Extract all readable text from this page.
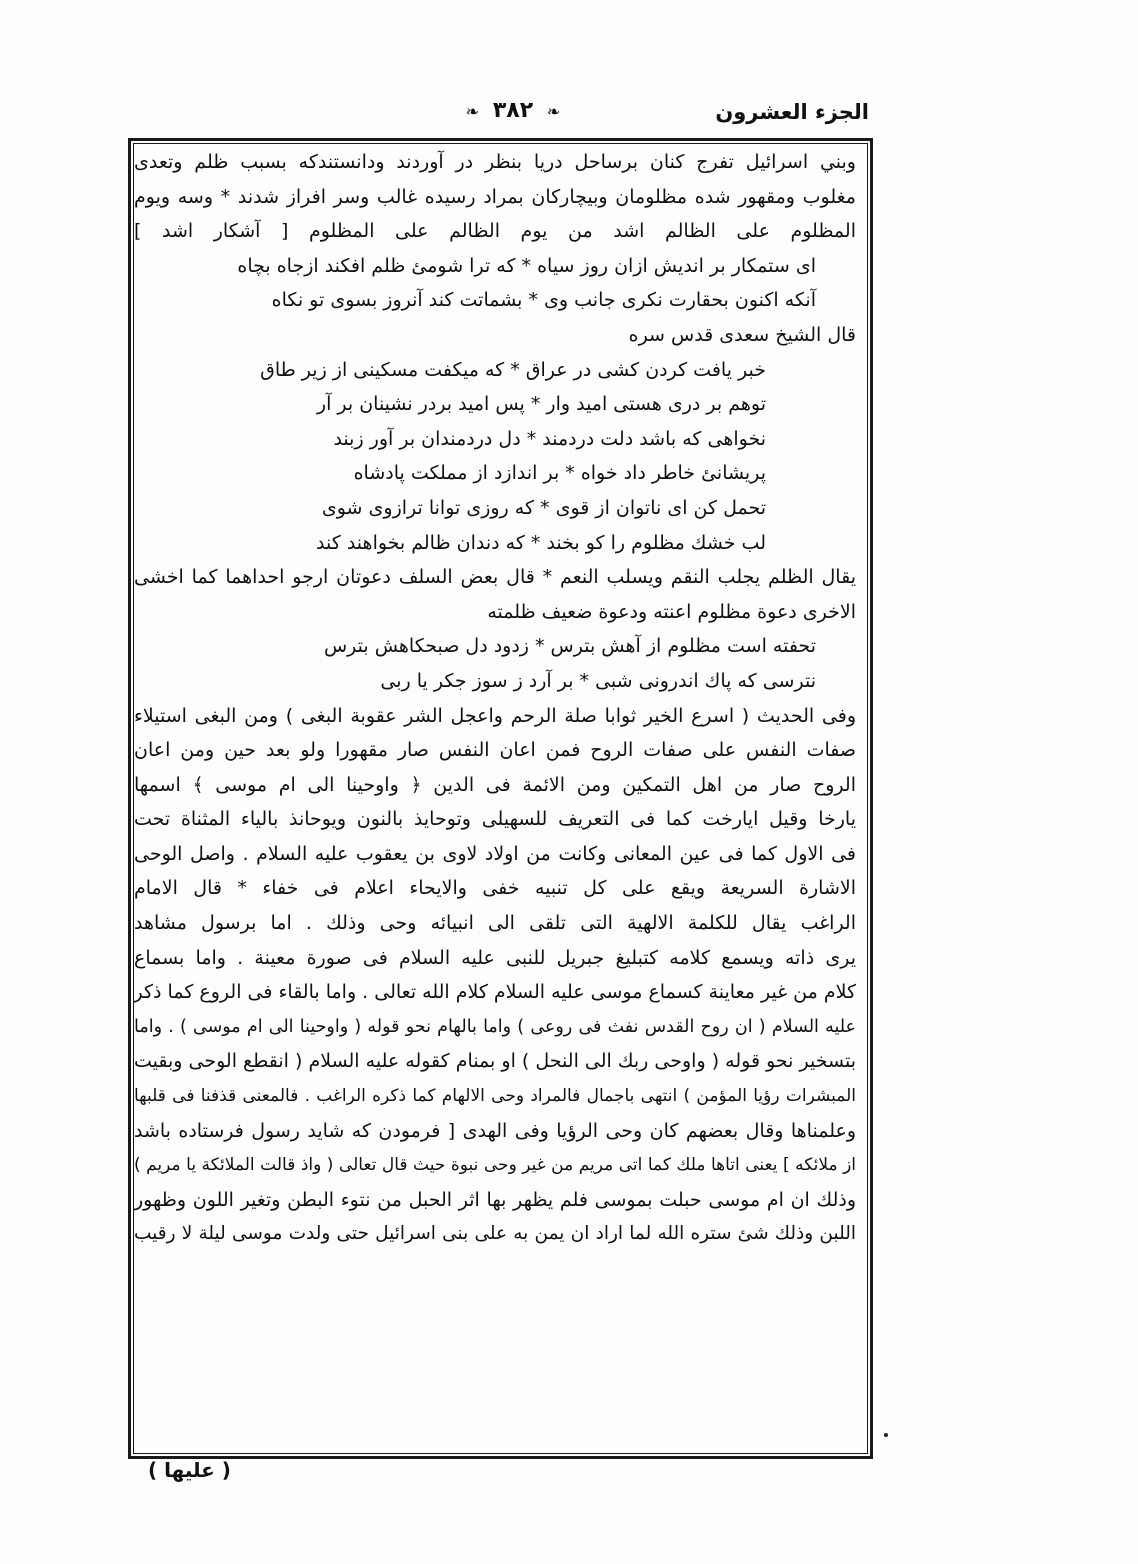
الجزء العشرون
❧ ٣٨٢ ❧
وبني اسرائيل تفرج كنان برساحل دريا بنظر در آوردند ودانستندكه بسبب ظلم وتعدى
مغلوب ومقهور شده مظلومان وبيچاركان بمراد رسيده غالب وسر افراز شدند * وسه ويوم
المظلوم على الظالم اشد من يوم الظالم على المظلوم [ آشكار اشد ]
اى ستمكار بر انديش ازان روز سياه * كه ترا شومئ ظلم افكند ازجاه بچاه
آنكه اكنون بحقارت نكرى جانب وى * بشماتت كند آنروز بسوى تو نكاه
قال الشيخ سعدى قدس سره
خبر يافت كردن كشى در عراق * كه ميكفت مسكينى از زير طاق
توهم بر درى هستى اميد وار * پس اميد بردر نشينان بر آر
نخواهى كه باشد دلت دردمند * دل دردمندان بر آور زبند
پريشانئ خاطر داد خواه * بر اندازد از مملكت پادشاه
تحمل كن اى ناتوان از قوى * كه روزى توانا ترازوى شوى
لب خشك مظلوم را كو بخند * كه دندان ظالم بخواهند كند
يقال الظلم يجلب النقم ويسلب النعم * قال بعض السلف دعوتان ارجو احداهما كما اخشى
الاخرى دعوة مظلوم اعنته ودعوة ضعيف ظلمته
تحفته است مظلوم از آهش بترس * زدود دل صبحكاهش بترس
نترسى كه پاك اندرونى شبى * بر آرد ز سوز جكر يا ربى
وفى الحديث ( اسرع الخير ثوابا صلة الرحم واعجل الشر عقوبة البغى ) ومن البغى استيلاء
صفات النفس على صفات الروح فمن اعان النفس صار مقهورا ولو بعد حين ومن اعان
الروح صار من اهل التمكين ومن الائمة فى الدين ﴿ واوحينا الى ام موسى ﴾ اسمها
يارخا وقيل ايارخت كما فى التعريف للسهيلى وتوحايذ بالنون ويوحانذ بالياء المثناة تحت
فى الاول كما فى عين المعانى وكانت من اولاد لاوى بن يعقوب عليه السلام . واصل الوحى
الاشارة السريعة ويقع على كل تنبيه خفى والايحاء اعلام فى خفاء * قال الامام
الراغب يقال للكلمة الالهية التى تلقى الى انبيائه وحى وذلك . اما برسول مشاهد
يرى ذاته ويسمع كلامه كتبليغ جبريل للنبى عليه السلام فى صورة معينة . واما بسماع
كلام من غير معاينة كسماع موسى عليه السلام كلام الله تعالى . واما بالقاء فى الروع كما ذكر
عليه السلام ( ان روح القدس نفث فى روعى ) واما بالهام نحو قوله ( واوحينا الى ام موسى ) . واما
بتسخير نحو قوله ( واوحى ربك الى النحل ) او بمنام كقوله عليه السلام ( انقطع الوحى وبقيت
المبشرات رؤيا المؤمن ) انتهى باجمال فالمراد وحى الالهام كما ذكره الراغب . فالمعنى قذفنا فى قلبها
وعلمناها وقال بعضهم كان وحى الرؤيا وفى الهدى [ فرمودن كه شايد رسول فرستاده باشد
از ملائكه ] يعنى اتاها ملك كما اتى مريم من غير وحى نبوة حيث قال تعالى ( واذ قالت الملائكة يا مريم )
وذلك ان ام موسى حبلت بموسى فلم يظهر بها اثر الحبل من نتوء البطن وتغير اللون وظهور
اللبن وذلك شئ ستره الله لما اراد ان يمن به على بنى اسرائيل حتى ولدت موسى ليلة لا رقيب
( عليها )
